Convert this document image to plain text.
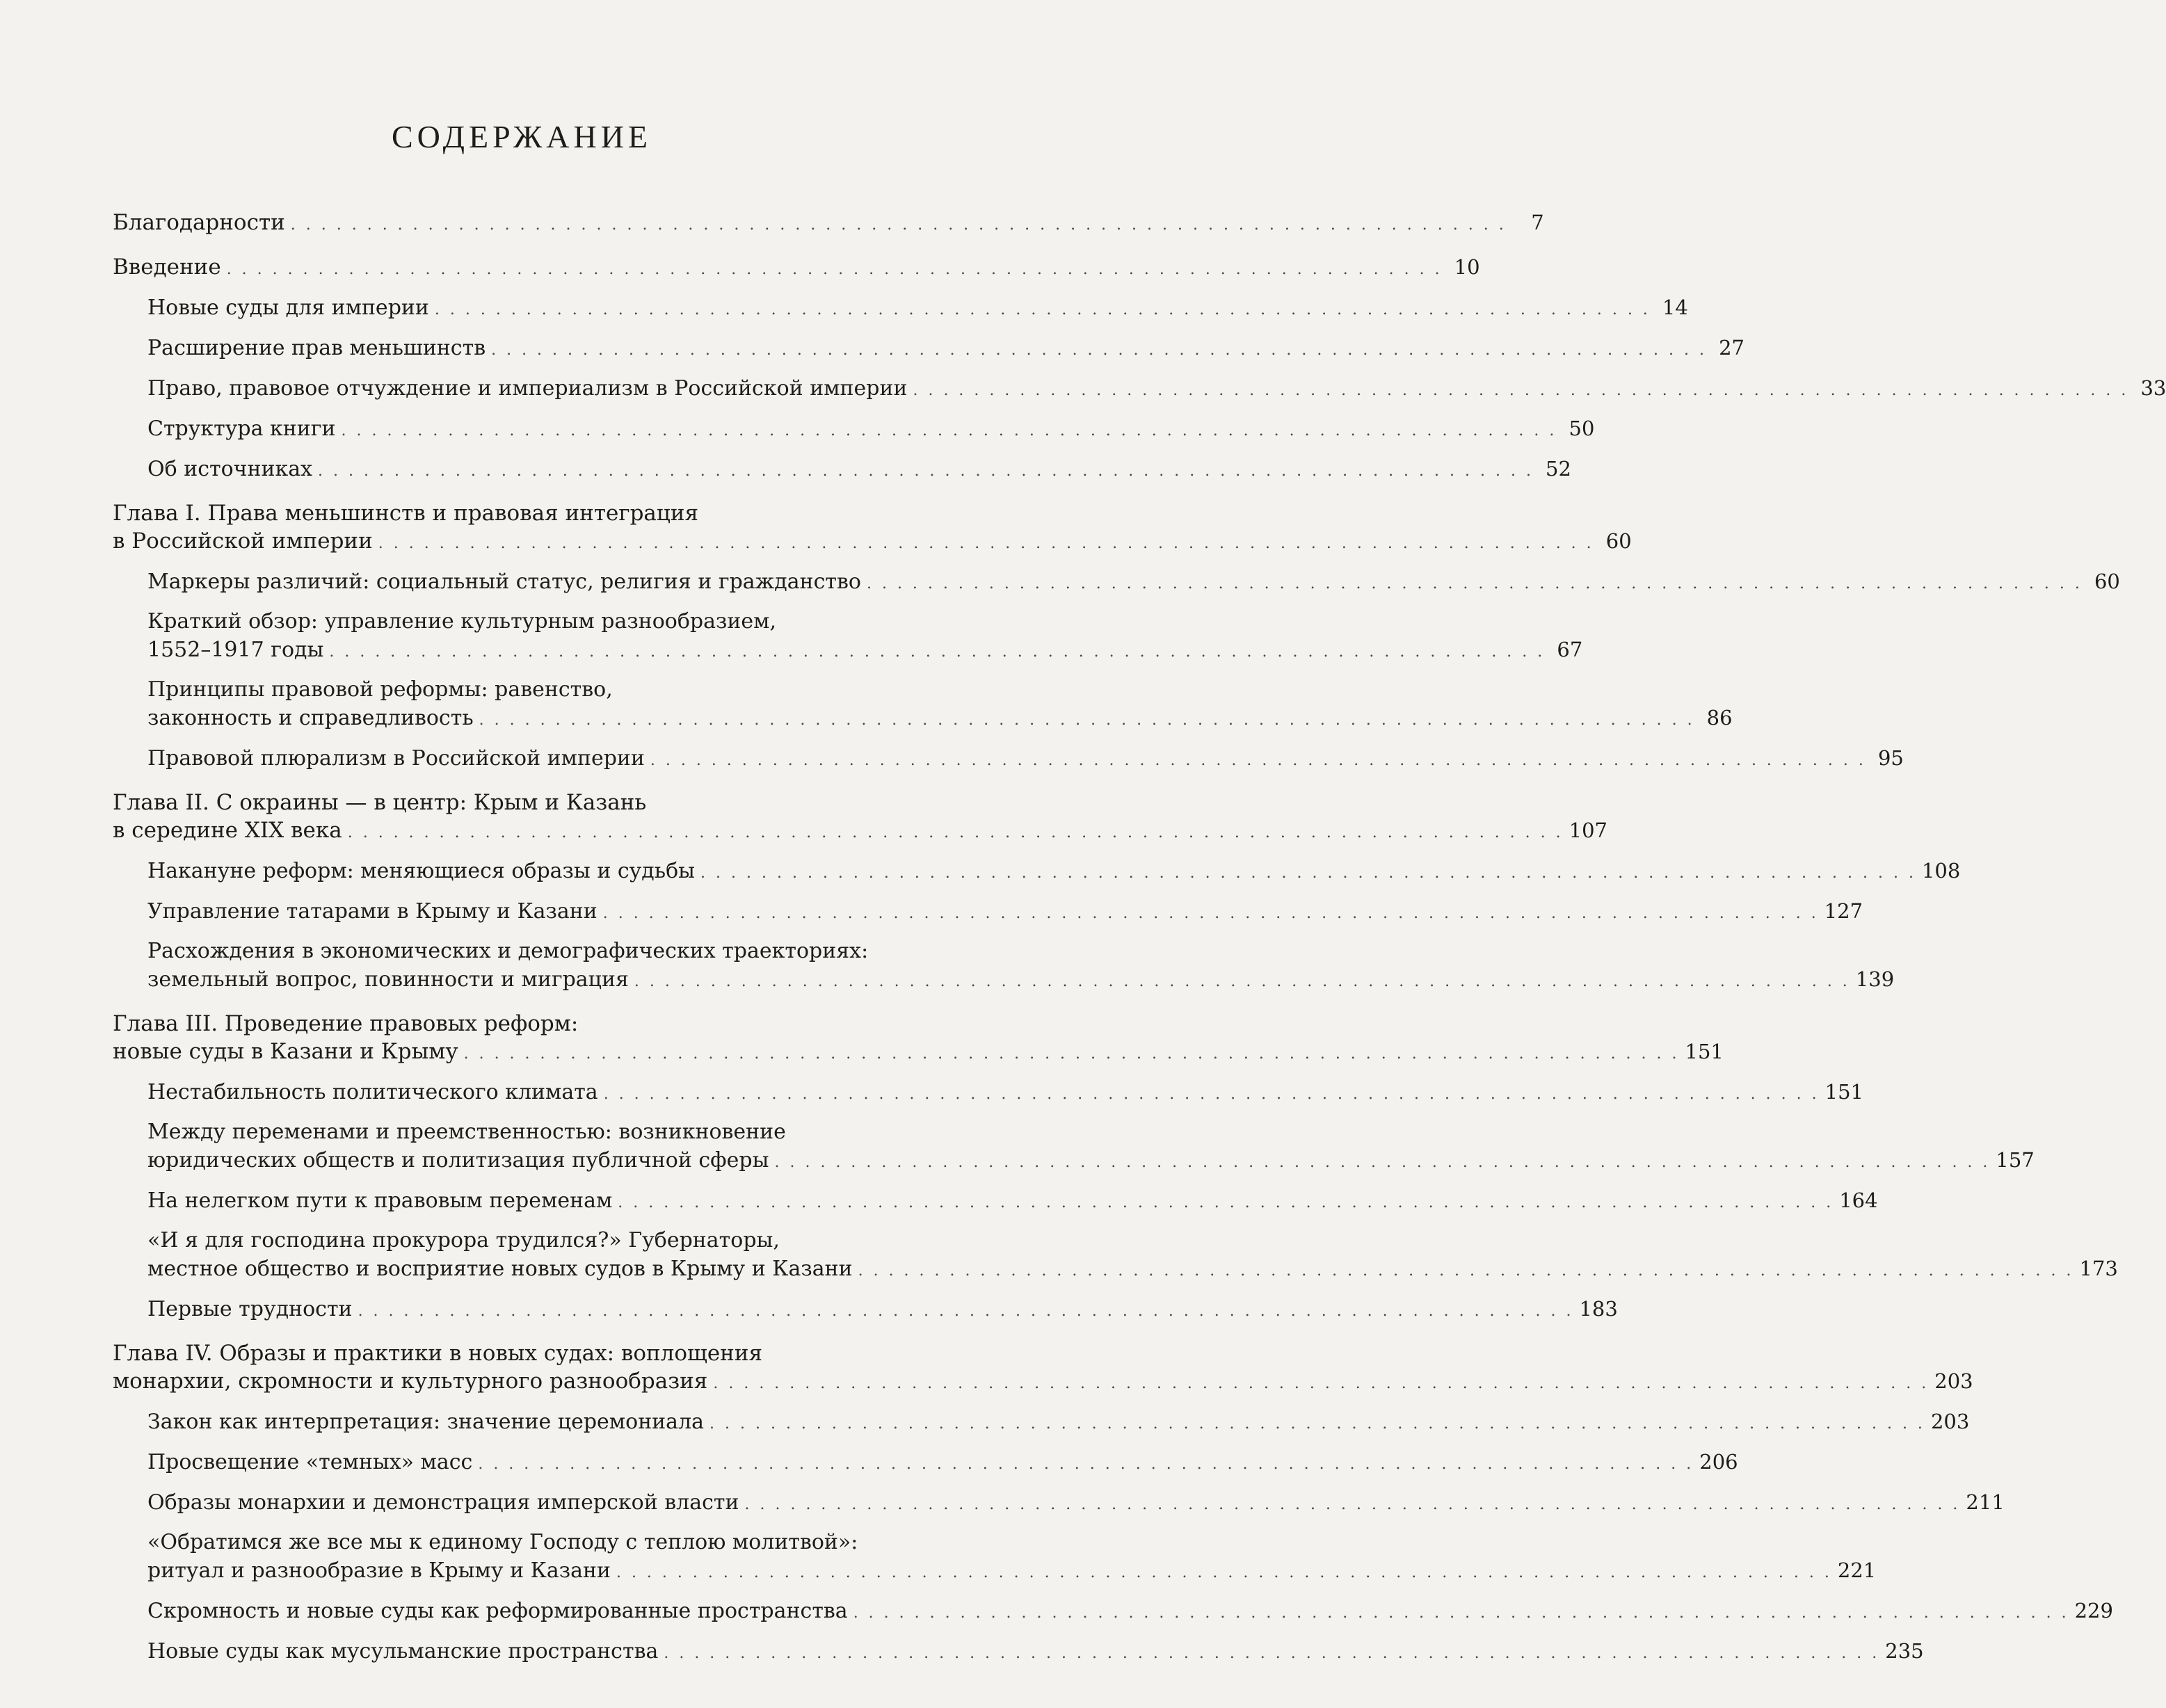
СОДЕРЖАНИЕ
Благодарности . . . . . . . . . . . . . . . . . . . . . . . . . . . . . . . . . . . . . . . . . . . . . . . . . . . . . . . . . . . . . . . . . . . . . . . . . . . . . . . .	7
Введение . . . . . . . . . . . . . . . . . . . . . . . . . . . . . . . . . . . . . . . . . . . . . . . . . . . . . . . . . . . . . . . . . . . . . . . . . . . . . . . . 10
Новые суды для империи . . . . . . . . . . . . . . . . . . . . . . . . . . . . . . . . . . . . . . . . . . . . . . . . . . . . . . . . . . . . . . . . . . . . . . . . . . . . . . . . 14
Расширение прав меньшинств . . . . . . . . . . . . . . . . . . . . . . . . . . . . . . . . . . . . . . . . . . . . . . . . . . . . . . . . . . . . . . . . . . . . . . . . . . . . . . . . 27
Право, правовое отчуждение и империализм в Российской империи . . . . . . . . . . . . . . . . . . . . . . . . . . . . . . . . . . . . . . . . . . . . . . . . . . . . . . . . . . . . . . . . . . . . . . . . . . . . . . . . 33
Структура книги . . . . . . . . . . . . . . . . . . . . . . . . . . . . . . . . . . . . . . . . . . . . . . . . . . . . . . . . . . . . . . . . . . . . . . . . . . . . . . . . 50
Об источниках . . . . . . . . . . . . . . . . . . . . . . . . . . . . . . . . . . . . . . . . . . . . . . . . . . . . . . . . . . . . . . . . . . . . . . . . . . . . . . . . 52
Глава I. Права меньшинств и правовая интеграция
в Российской империи . . . . . . . . . . . . . . . . . . . . . . . . . . . . . . . . . . . . . . . . . . . . . . . . . . . . . . . . . . . . . . . . . . . . . . . . . . . . . . . . 60
Маркеры различий: социальный статус, религия и гражданство . . . . . . . . . . . . . . . . . . . . . . . . . . . . . . . . . . . . . . . . . . . . . . . . . . . . . . . . . . . . . . . . . . . . . . . . . . . . . . . . 60
Краткий обзор: управление культурным разнообразием,
1552–1917 годы . . . . . . . . . . . . . . . . . . . . . . . . . . . . . . . . . . . . . . . . . . . . . . . . . . . . . . . . . . . . . . . . . . . . . . . . . . . . . . . . 67
Принципы правовой реформы: равенство,
законность и справедливость . . . . . . . . . . . . . . . . . . . . . . . . . . . . . . . . . . . . . . . . . . . . . . . . . . . . . . . . . . . . . . . . . . . . . . . . . . . . . . . . 86
Правовой плюрализм в Российской империи . . . . . . . . . . . . . . . . . . . . . . . . . . . . . . . . . . . . . . . . . . . . . . . . . . . . . . . . . . . . . . . . . . . . . . . . . . . . . . . . 95
Глава II. С окраины — в центр: Крым и Казань
в середине XIX века . . . . . . . . . . . . . . . . . . . . . . . . . . . . . . . . . . . . . . . . . . . . . . . . . . . . . . . . . . . . . . . . . . . . . . . . . . . . . . . . 107
Накануне реформ: меняющиеся образы и судьбы . . . . . . . . . . . . . . . . . . . . . . . . . . . . . . . . . . . . . . . . . . . . . . . . . . . . . . . . . . . . . . . . . . . . . . . . . . . . . . . . 108
Управление татарами в Крыму и Казани . . . . . . . . . . . . . . . . . . . . . . . . . . . . . . . . . . . . . . . . . . . . . . . . . . . . . . . . . . . . . . . . . . . . . . . . . . . . . . . . 127
Расхождения в экономических и демографических траекториях:
земельный вопрос, повинности и миграция . . . . . . . . . . . . . . . . . . . . . . . . . . . . . . . . . . . . . . . . . . . . . . . . . . . . . . . . . . . . . . . . . . . . . . . . . . . . . . . . 139
Глава III. Проведение правовых реформ:
новые суды в Казани и Крыму . . . . . . . . . . . . . . . . . . . . . . . . . . . . . . . . . . . . . . . . . . . . . . . . . . . . . . . . . . . . . . . . . . . . . . . . . . . . . . . . 151
Нестабильность политического климата . . . . . . . . . . . . . . . . . . . . . . . . . . . . . . . . . . . . . . . . . . . . . . . . . . . . . . . . . . . . . . . . . . . . . . . . . . . . . . . . 151
Между переменами и преемственностью: возникновение
юридических обществ и политизация публичной сферы . . . . . . . . . . . . . . . . . . . . . . . . . . . . . . . . . . . . . . . . . . . . . . . . . . . . . . . . . . . . . . . . . . . . . . . . . . . . . . . . 157
На нелегком пути к правовым переменам . . . . . . . . . . . . . . . . . . . . . . . . . . . . . . . . . . . . . . . . . . . . . . . . . . . . . . . . . . . . . . . . . . . . . . . . . . . . . . . . 164
«И я для господина прокурора трудился?» Губернаторы,
местное общество и восприятие новых судов в Крыму и Казани . . . . . . . . . . . . . . . . . . . . . . . . . . . . . . . . . . . . . . . . . . . . . . . . . . . . . . . . . . . . . . . . . . . . . . . . . . . . . . . . 173
Первые трудности . . . . . . . . . . . . . . . . . . . . . . . . . . . . . . . . . . . . . . . . . . . . . . . . . . . . . . . . . . . . . . . . . . . . . . . . . . . . . . . . 183
Глава IV. Образы и практики в новых судах: воплощения
монархии, скромности и культурного разнообразия . . . . . . . . . . . . . . . . . . . . . . . . . . . . . . . . . . . . . . . . . . . . . . . . . . . . . . . . . . . . . . . . . . . . . . . . . . . . . . . . 203
Закон как интерпретация: значение церемониала . . . . . . . . . . . . . . . . . . . . . . . . . . . . . . . . . . . . . . . . . . . . . . . . . . . . . . . . . . . . . . . . . . . . . . . . . . . . . . . . 203
Просвещение «темных» масс . . . . . . . . . . . . . . . . . . . . . . . . . . . . . . . . . . . . . . . . . . . . . . . . . . . . . . . . . . . . . . . . . . . . . . . . . . . . . . . . 206
Образы монархии и демонстрация имперской власти . . . . . . . . . . . . . . . . . . . . . . . . . . . . . . . . . . . . . . . . . . . . . . . . . . . . . . . . . . . . . . . . . . . . . . . . . . . . . . . . 211
«Обратимся же все мы к единому Господу с теплою молитвой»:
ритуал и разнообразие в Крыму и Казани . . . . . . . . . . . . . . . . . . . . . . . . . . . . . . . . . . . . . . . . . . . . . . . . . . . . . . . . . . . . . . . . . . . . . . . . . . . . . . . . 221
Скромность и новые суды как реформированные пространства . . . . . . . . . . . . . . . . . . . . . . . . . . . . . . . . . . . . . . . . . . . . . . . . . . . . . . . . . . . . . . . . . . . . . . . . . . . . . . . . 229
Новые суды как мусульманские пространства . . . . . . . . . . . . . . . . . . . . . . . . . . . . . . . . . . . . . . . . . . . . . . . . . . . . . . . . . . . . . . . . . . . . . . . . . . . . . . . . 235
